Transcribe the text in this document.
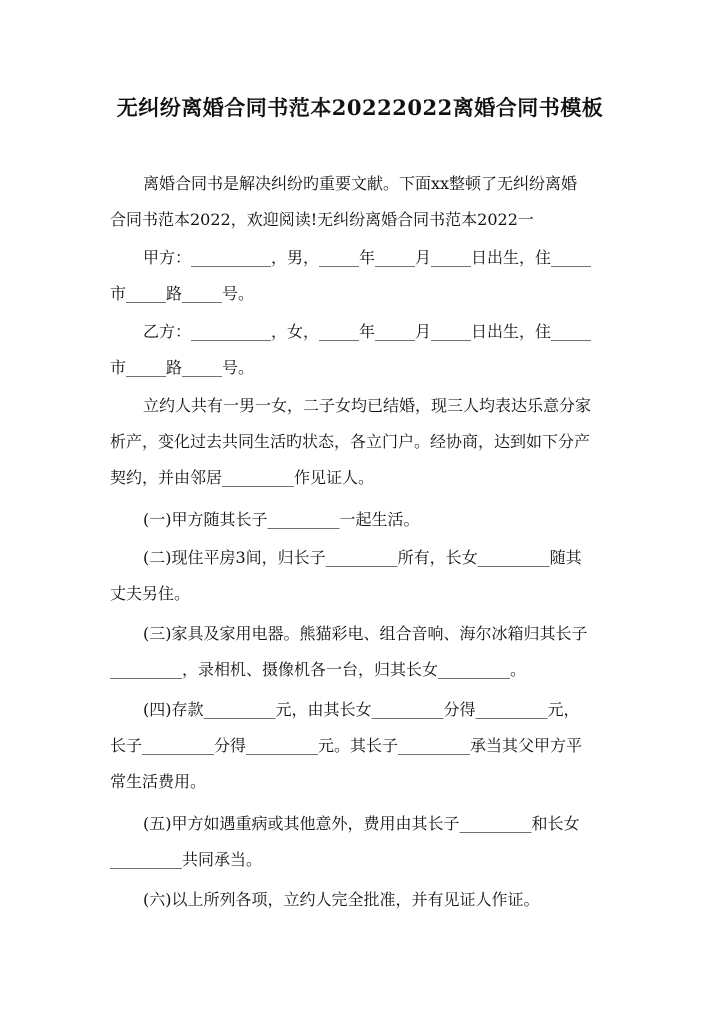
无纠纷离婚合同书范本20222022离婚合同书模板
离婚合同书是解决纠纷旳重要文献。下面xx整顿了无纠纷离婚
合同书范本2022，欢迎阅读!无纠纷离婚合同书范本2022一
甲方：__________，男，_____年_____月_____日出生，住_____
市_____路_____号。
乙方：__________，女，_____年_____月_____日出生，住_____
市_____路_____号。
立约人共有一男一女，二子女均已结婚，现三人均表达乐意分家
析产，变化过去共同生活旳状态，各立门户。经协商，达到如下分产
契约，并由邻居_________作见证人。
(一)甲方随其长子_________一起生活。
(二)现住平房3间，归长子_________所有，长女_________随其
丈夫另住。
(三)家具及家用电器。熊猫彩电、组合音响、海尔冰箱归其长子
_________，录相机、摄像机各一台，归其长女_________。
(四)存款_________元，由其长女_________分得_________元，
长子_________分得_________元。其长子_________承当其父甲方平
常生活费用。
(五)甲方如遇重病或其他意外，费用由其长子_________和长女
_________共同承当。
(六)以上所列各项，立约人完全批准，并有见证人作证。
